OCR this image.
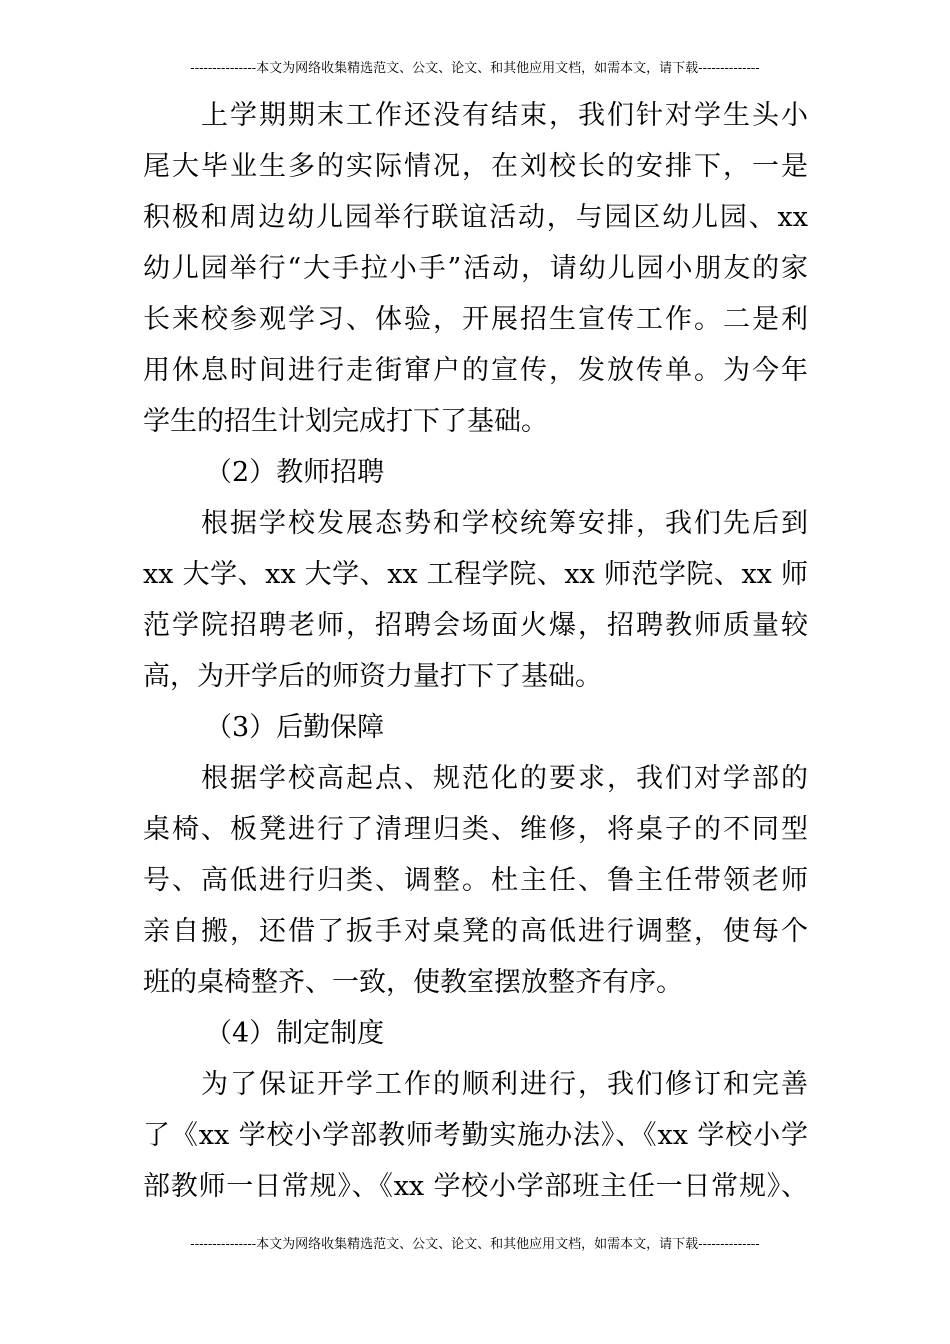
---------------本文为网络收集精选范文、公文、论文、和其他应用文档，如需本文，请下载--------------
上学期期末工作还没有结束，我们针对学生头小
尾大毕业生多的实际情况，在刘校长的安排下，一是
积极和周边幼儿园举行联谊活动，与园区幼儿园、xx
幼儿园举行“大手拉小手”活动，请幼儿园小朋友的家
长来校参观学习、体验，开展招生宣传工作。二是利
用休息时间进行走街窜户的宣传，发放传单。为今年
学生的招生计划完成打下了基础。
（2）教师招聘
根据学校发展态势和学校统筹安排，我们先后到
xx 大学、xx 大学、xx 工程学院、xx 师范学院、xx 师
范学院招聘老师，招聘会场面火爆，招聘教师质量较
高，为开学后的师资力量打下了基础。
（3）后勤保障
根据学校高起点、规范化的要求，我们对学部的
桌椅、板凳进行了清理归类、维修，将桌子的不同型
号、高低进行归类、调整。杜主任、鲁主任带领老师
亲自搬，还借了扳手对桌凳的高低进行调整，使每个
班的桌椅整齐、一致，使教室摆放整齐有序。
（4）制定制度
为了保证开学工作的顺利进行，我们修订和完善
了《xx 学校小学部教师考勤实施办法》、《xx 学校小学
部教师一日常规》、《xx 学校小学部班主任一日常规》、
---------------本文为网络收集精选范文、公文、论文、和其他应用文档，如需本文，请下载--------------
